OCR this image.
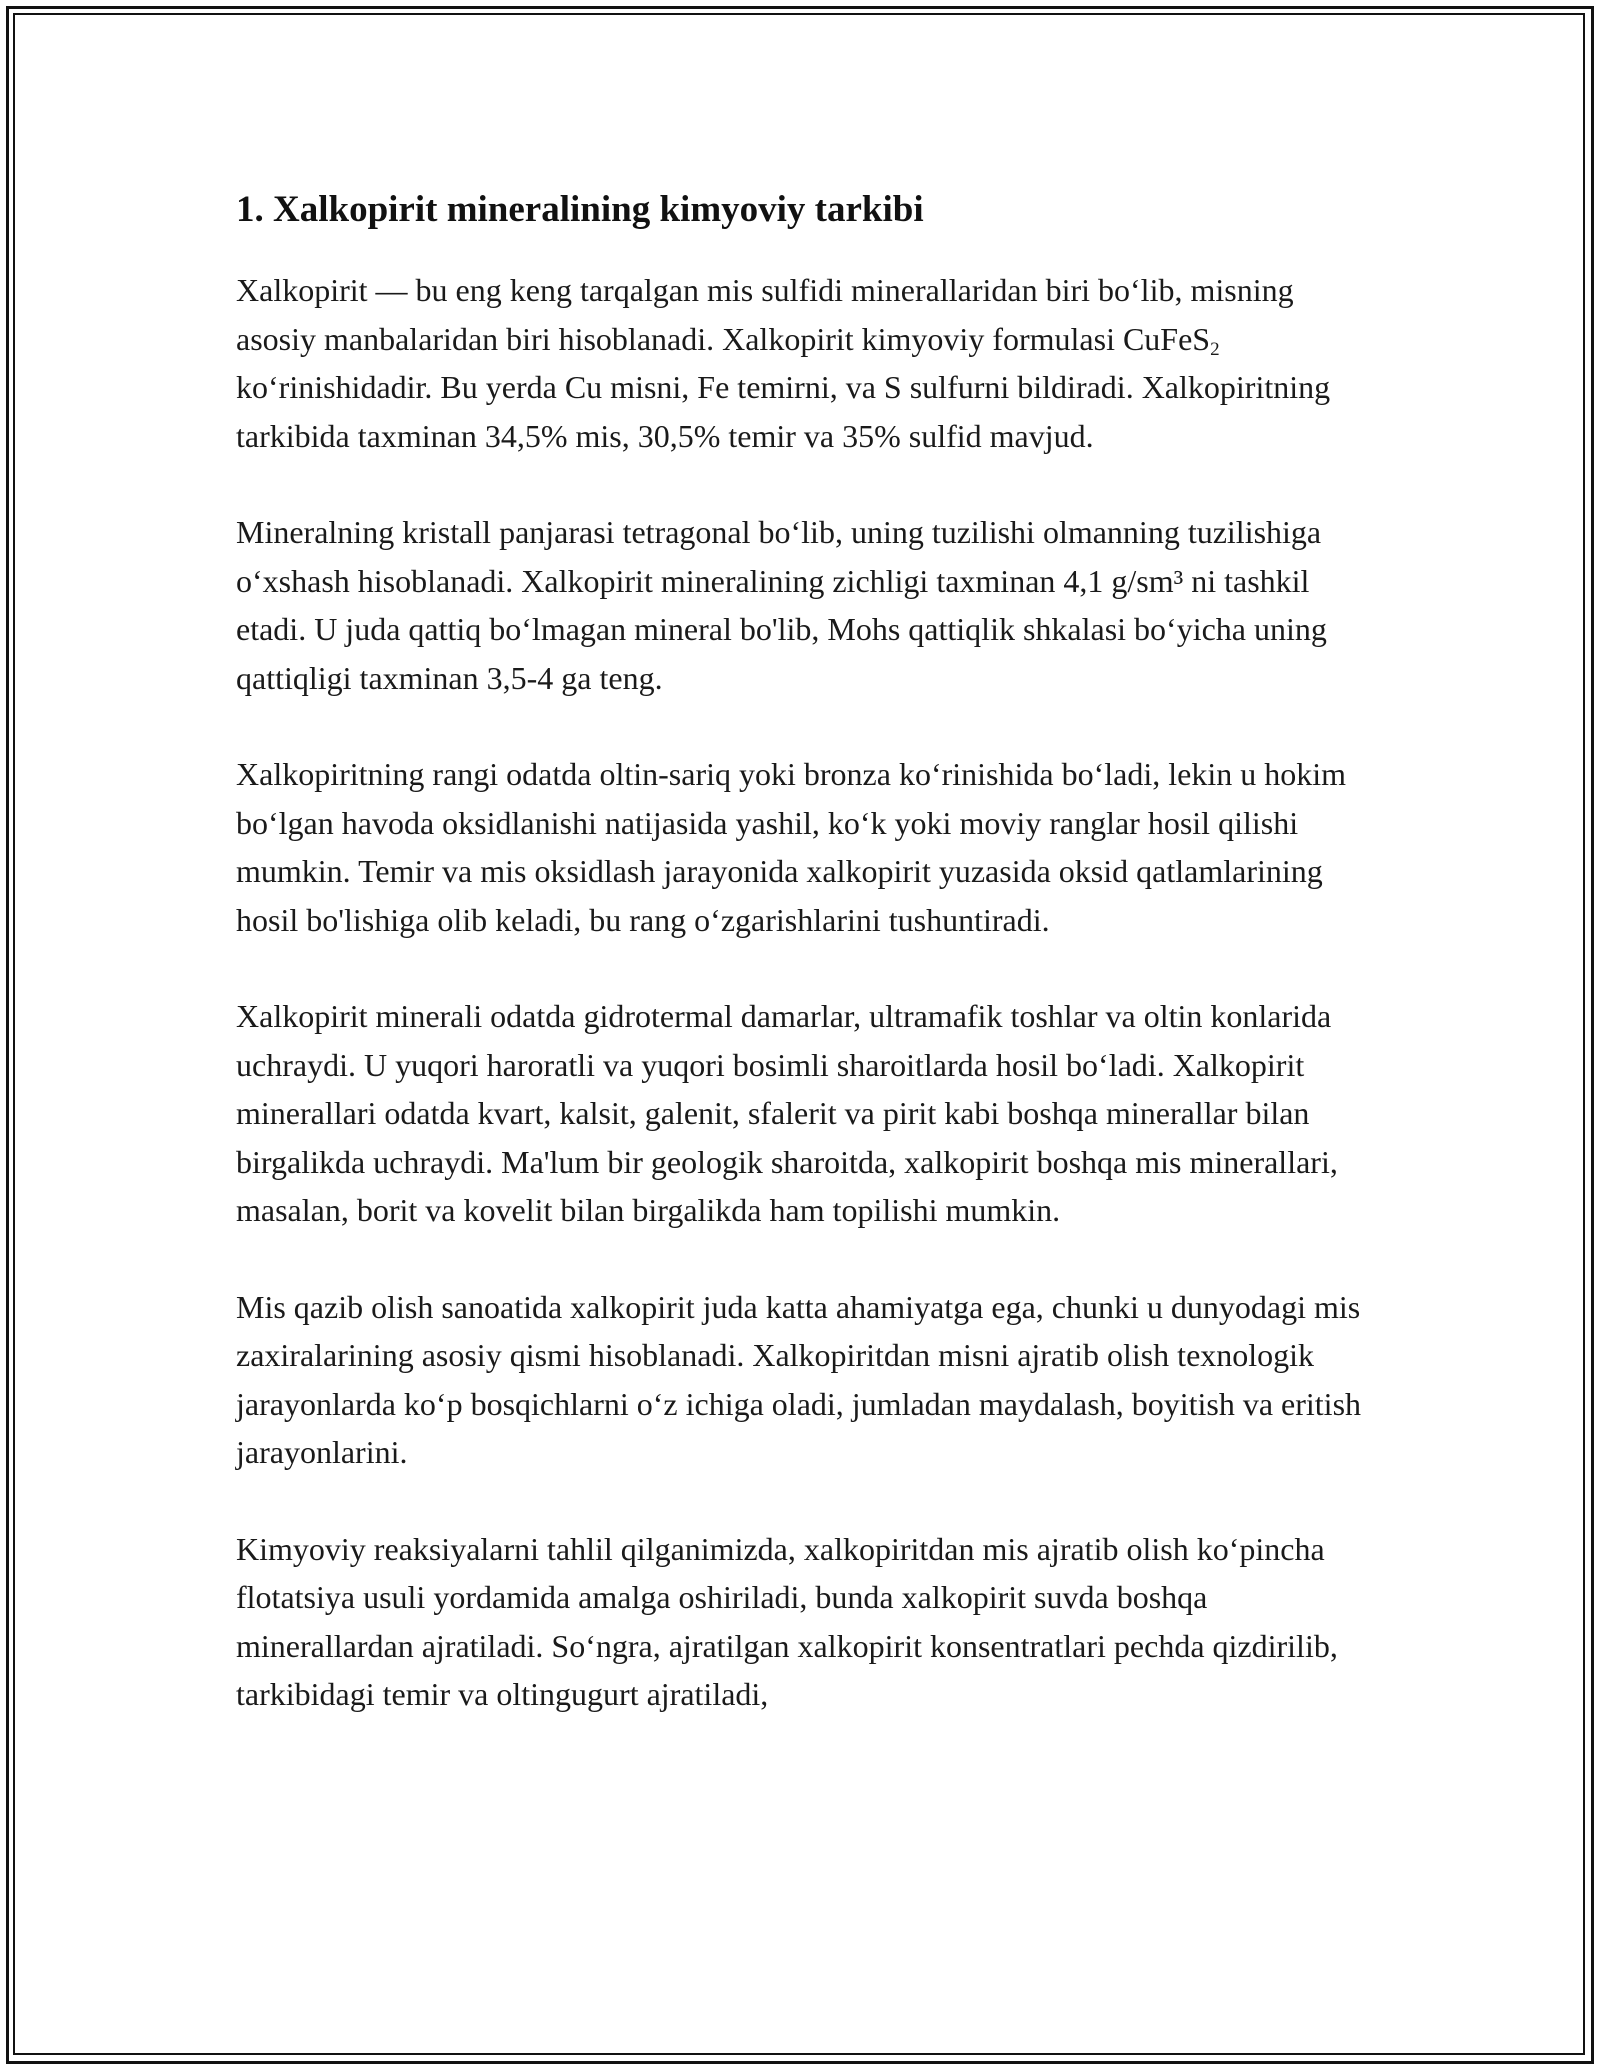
1. Xalkopirit mineralining kimyoviy tarkibi

Xalkopirit — bu eng keng tarqalgan mis sulfidi minerallaridan biri bo‘lib, misning asosiy manbalaridan biri hisoblanadi. Xalkopirit kimyoviy formulasi CuFeS$_2$ ko‘rinishidadir. Bu yerda Cu misni, Fe temirni, va S sulfurni bildiradi. Xalkopiritning tarkibida taxminan 34,5% mis, 30,5% temir va 35% sulfid mavjud.

Mineralning kristall panjarasi tetragonal bo‘lib, uning tuzilishi olmanning tuzilishiga o‘xshash hisoblanadi. Xalkopirit mineralining zichligi taxminan 4,1 g/sm³ ni tashkil etadi. U juda qattiq bo‘lmagan mineral bo'lib, Mohs qattiqlik shkalasi bo‘yicha uning qattiqligi taxminan 3,5-4 ga teng.

Xalkopiritning rangi odatda oltin-sariq yoki bronza ko‘rinishida bo‘ladi, lekin u hokim bo‘lgan havoda oksidlanishi natijasida yashil, ko‘k yoki moviy ranglar hosil qilishi mumkin. Temir va mis oksidlash jarayonida xalkopirit yuzasida oksid qatlamlarining hosil bo'lishiga olib keladi, bu rang o‘zgarishlarini tushuntiradi.

Xalkopirit minerali odatda gidrotermal damarlar, ultramafik toshlar va oltin konlarida uchraydi. U yuqori haroratli va yuqori bosimli sharoitlarda hosil bo‘ladi. Xalkopirit minerallari odatda kvart, kalsit, galenit, sfalerit va pirit kabi boshqa minerallar bilan birgalikda uchraydi. Ma'lum bir geologik sharoitda, xalkopirit boshqa mis minerallari, masalan, borit va kovelit bilan birgalikda ham topilishi mumkin.

Mis qazib olish sanoatida xalkopirit juda katta ahamiyatga ega, chunki u dunyodagi mis zaxiralarining asosiy qismi hisoblanadi. Xalkopiritdan misni ajratib olish texnologik jarayonlarda ko‘p bosqichlarni o‘z ichiga oladi, jumladan maydalash, boyitish va eritish jarayonlarini.

Kimyoviy reaksiyalarni tahlil qilganimizda, xalkopiritdan mis ajratib olish ko‘pincha flotatsiya usuli yordamida amalga oshiriladi, bunda xalkopirit suvda boshqa minerallardan ajratiladi. So‘ngra, ajratilgan xalkopirit konsentratlari pechda qizdirilib, tarkibidagi temir va oltingugurt ajratiladi,
